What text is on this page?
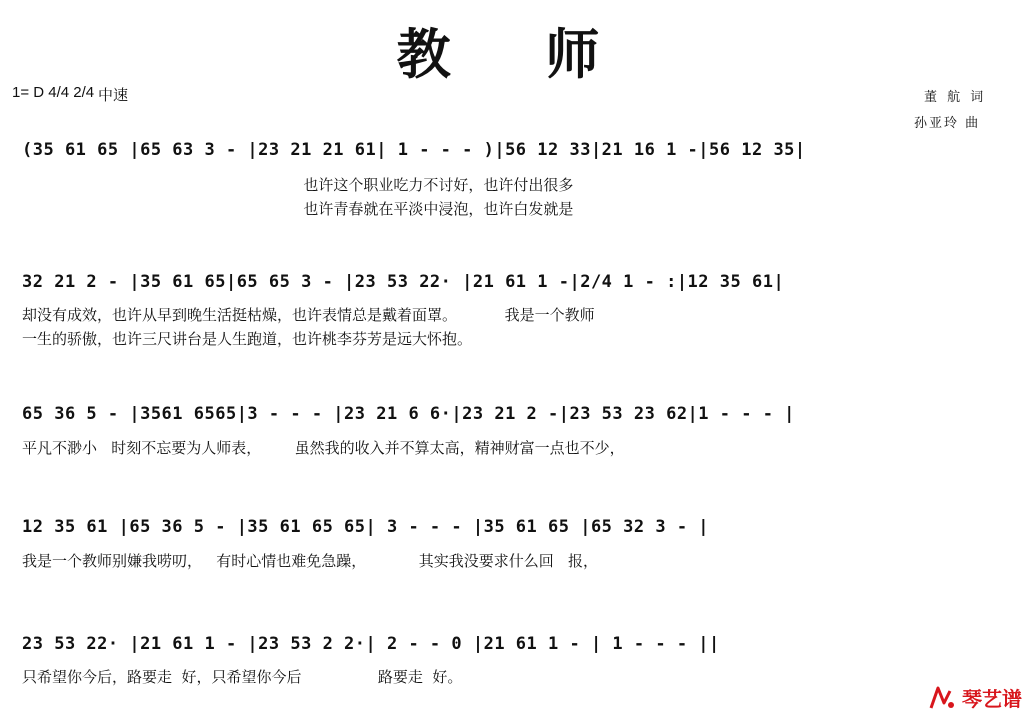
教 师
1= D 4/4 2/4 中速	董 航 词
孙亚玲 曲
(35 61 65 |65 63 3 - |23 21 21 61| 1 - - - )|56 12 33|21 16 1 -|56 12 35|
也许这个职业吃力不讨好，也许付出很多
也许青春就在平淡中浸泡，也许白发就是
32 21 2 - |35 61 65|65 65 3 - |23 53 22· |21 61 1 -|2/4 1 - :|12 35 61|
却没有成效，也许从早到晚生活挺枯燥，也许表情总是戴着面罩。          我是一个教师
一生的骄傲，也许三尺讲台是人生跑道，也许桃李芬芳是远大怀抱。
65 36 5 - |3561 6565|3 - - - |23 21 6 6·|23 21 2 -|23 53 23 62|1 - - - |
平凡不渺小   时刻不忘要为人师表，       虽然我的收入并不算太高，精神财富一点也不少，
12 35 61 |65 36 5 - |35 61 65 65| 3 - - - |35 61 65 |65 32 3 - |
我是一个教师别嫌我唠叨，   有时心情也难免急躁，           其实我没要求什么回   报，
23 53 22· |21 61 1 - |23 53 2 2·| 2 - - 0 |21 61 1 - | 1 - - - ||
只希望你今后，路要走  好，只希望你今后                路要走  好。
琴艺谱
